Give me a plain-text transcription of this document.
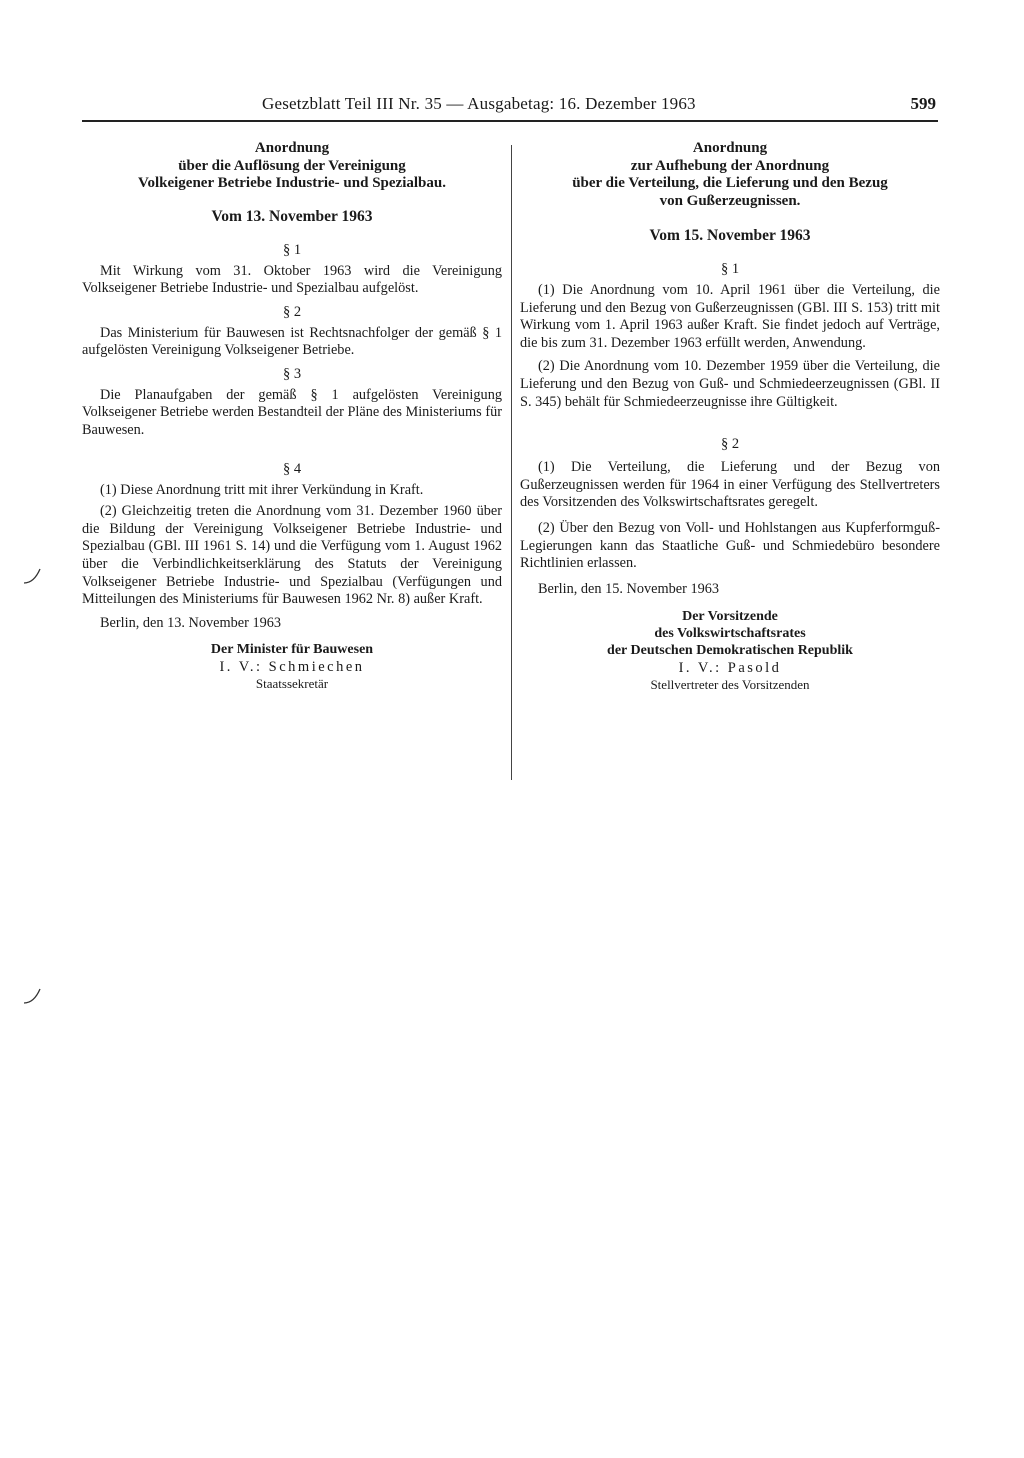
Gesetzblatt Teil III Nr. 35 — Ausgabetag: 16. Dezember 1963	599

Anordnung

über die Auflösung der Vereinigung

Volkeigener Betriebe Industrie- und Spezialbau.

Vom 13. November 1963

§ 1

Mit Wirkung vom 31. Oktober 1963 wird die Vereinigung Volkseigener Betriebe Industrie- und Spezialbau aufgelöst.

§ 2

Das Ministerium für Bauwesen ist Rechtsnachfolger der gemäß § 1 aufgelösten Vereinigung Volkseigener Betriebe.

§ 3

Die Planaufgaben der gemäß § 1 aufgelösten Vereinigung Volkseigener Betriebe werden Bestandteil der Pläne des Ministeriums für Bauwesen.

§ 4

(1) Diese Anordnung tritt mit ihrer Verkündung in Kraft.

(2) Gleichzeitig treten die Anordnung vom 31. Dezember 1960 über die Bildung der Vereinigung Volkseigener Betriebe Industrie- und Spezialbau (GBl. III 1961 S. 14) und die Verfügung vom 1. August 1962 über die Verbindlichkeitserklärung des Statuts der Vereinigung Volkseigener Betriebe Industrie- und Spezialbau (Verfügungen und Mitteilungen des Ministeriums für Bauwesen 1962 Nr. 8) außer Kraft.

Berlin, den 13. November 1963

Der Minister für Bauwesen

I. V.: Schmiechen

Staatssekretär

Anordnung

zur Aufhebung der Anordnung

über die Verteilung, die Lieferung und den Bezug

von Gußerzeugnissen.

Vom 15. November 1963

§ 1

(1) Die Anordnung vom 10. April 1961 über die Verteilung, die Lieferung und den Bezug von Gußerzeugnissen (GBl. III S. 153) tritt mit Wirkung vom 1. April 1963 außer Kraft. Sie findet jedoch auf Verträge, die bis zum 31. Dezember 1963 erfüllt werden, Anwendung.

(2) Die Anordnung vom 10. Dezember 1959 über die Verteilung, die Lieferung und den Bezug von Guß- und Schmiedeerzeugnissen (GBl. II S. 345) behält für Schmiedeerzeugnisse ihre Gültigkeit.

§ 2

(1) Die Verteilung, die Lieferung und der Bezug von Gußerzeugnissen werden für 1964 in einer Verfügung des Stellvertreters des Vorsitzenden des Volkswirtschaftsrates geregelt.

(2) Über den Bezug von Voll- und Hohlstangen aus Kupferformguß-Legierungen kann das Staatliche Guß- und Schmiedebüro besondere Richtlinien erlassen.

Berlin, den 15. November 1963

Der Vorsitzende

des Volkswirtschaftsrates

der Deutschen Demokratischen Republik

I. V.: Pasold

Stellvertreter des Vorsitzenden
